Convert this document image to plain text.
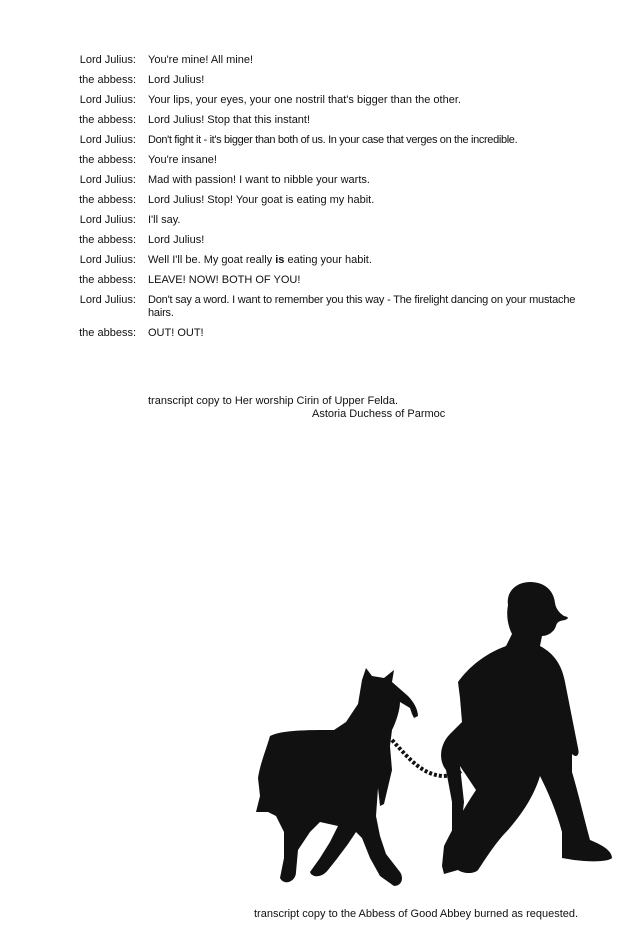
Lord Julius: You're mine! All mine!
the abbess: Lord Julius!
Lord Julius: Your lips, your eyes, your one nostril that's bigger than the other.
the abbess: Lord Julius! Stop that this instant!
Lord Julius: Don't fight it - it's bigger than both of us. In your case that verges on the incredible.
the abbess: You're insane!
Lord Julius: Mad with passion! I want to nibble your warts.
the abbess: Lord Julius! Stop! Your goat is eating my habit.
Lord Julius: I'll say.
the abbess: Lord Julius!
Lord Julius: Well I'll be. My goat really is eating your habit.
the abbess: LEAVE! NOW! BOTH OF YOU!
Lord Julius: Don't say a word. I want to remember you this way - The firelight dancing on your mustache hairs.
the abbess: OUT! OUT!
transcript copy to Her worship Cirin of Upper Felda.
Astoria Duchess of Parmoc
transcript copy to the Abbess of Good Abbey burned as requested.
